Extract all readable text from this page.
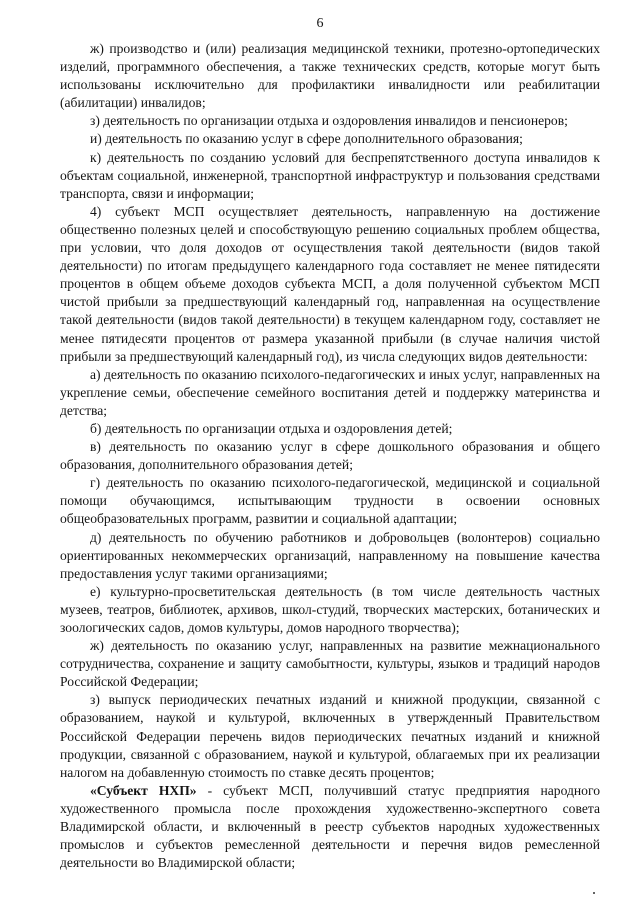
6

ж) производство и (или) реализация медицинской техники, протезно-ортопедических изделий, программного обеспечения, а также технических средств, которые могут быть использованы исключительно для профилактики инвалидности или реабилитации (абилитации) инвалидов;

з) деятельность по организации отдыха и оздоровления инвалидов и пенсионеров;

и) деятельность по оказанию услуг в сфере дополнительного образования;

к) деятельность по созданию условий для беспрепятственного доступа инвалидов к объектам социальной, инженерной, транспортной инфраструктур и пользования средствами транспорта, связи и информации;

4) субъект МСП осуществляет деятельность, направленную на достижение общественно полезных целей и способствующую решению социальных проблем общества, при условии, что доля доходов от осуществления такой деятельности (видов такой деятельности) по итогам предыдущего календарного года составляет не менее пятидесяти процентов в общем объеме доходов субъекта МСП, а доля полученной субъектом МСП чистой прибыли за предшествующий календарный год, направленная на осуществление такой деятельности (видов такой деятельности) в текущем календарном году, составляет не менее пятидесяти процентов от размера указанной прибыли (в случае наличия чистой прибыли за предшествующий календарный год), из числа следующих видов деятельности:

а) деятельность по оказанию психолого-педагогических и иных услуг, направленных на укрепление семьи, обеспечение семейного воспитания детей и поддержку материнства и детства;

б) деятельность по организации отдыха и оздоровления детей;

в) деятельность по оказанию услуг в сфере дошкольного образования и общего образования, дополнительного образования детей;

г) деятельность по оказанию психолого-педагогической, медицинской и социальной помощи обучающимся, испытывающим трудности в освоении основных общеобразовательных программ, развитии и социальной адаптации;

д) деятельность по обучению работников и добровольцев (волонтеров) социально ориентированных некоммерческих организаций, направленному на повышение качества предоставления услуг такими организациями;

е) культурно-просветительская деятельность (в том числе деятельность частных музеев, театров, библиотек, архивов, школ-студий, творческих мастерских, ботанических и зоологических садов, домов культуры, домов народного творчества);

ж) деятельность по оказанию услуг, направленных на развитие межнационального сотрудничества, сохранение и защиту самобытности, культуры, языков и традиций народов Российской Федерации;

з) выпуск периодических печатных изданий и книжной продукции, связанной с образованием, наукой и культурой, включенных в утвержденный Правительством Российской Федерации перечень видов периодических печатных изданий и книжной продукции, связанной с образованием, наукой и культурой, облагаемых при их реализации налогом на добавленную стоимость по ставке десять процентов;

«Субъект НХП» - субъект МСП, получивший статус предприятия народного художественного промысла после прохождения художественно-экспертного совета Владимирской области, и включенный в реестр субъектов народных художественных промыслов и субъектов ремесленной деятельности и перечня видов ремесленной деятельности во Владимирской области;
